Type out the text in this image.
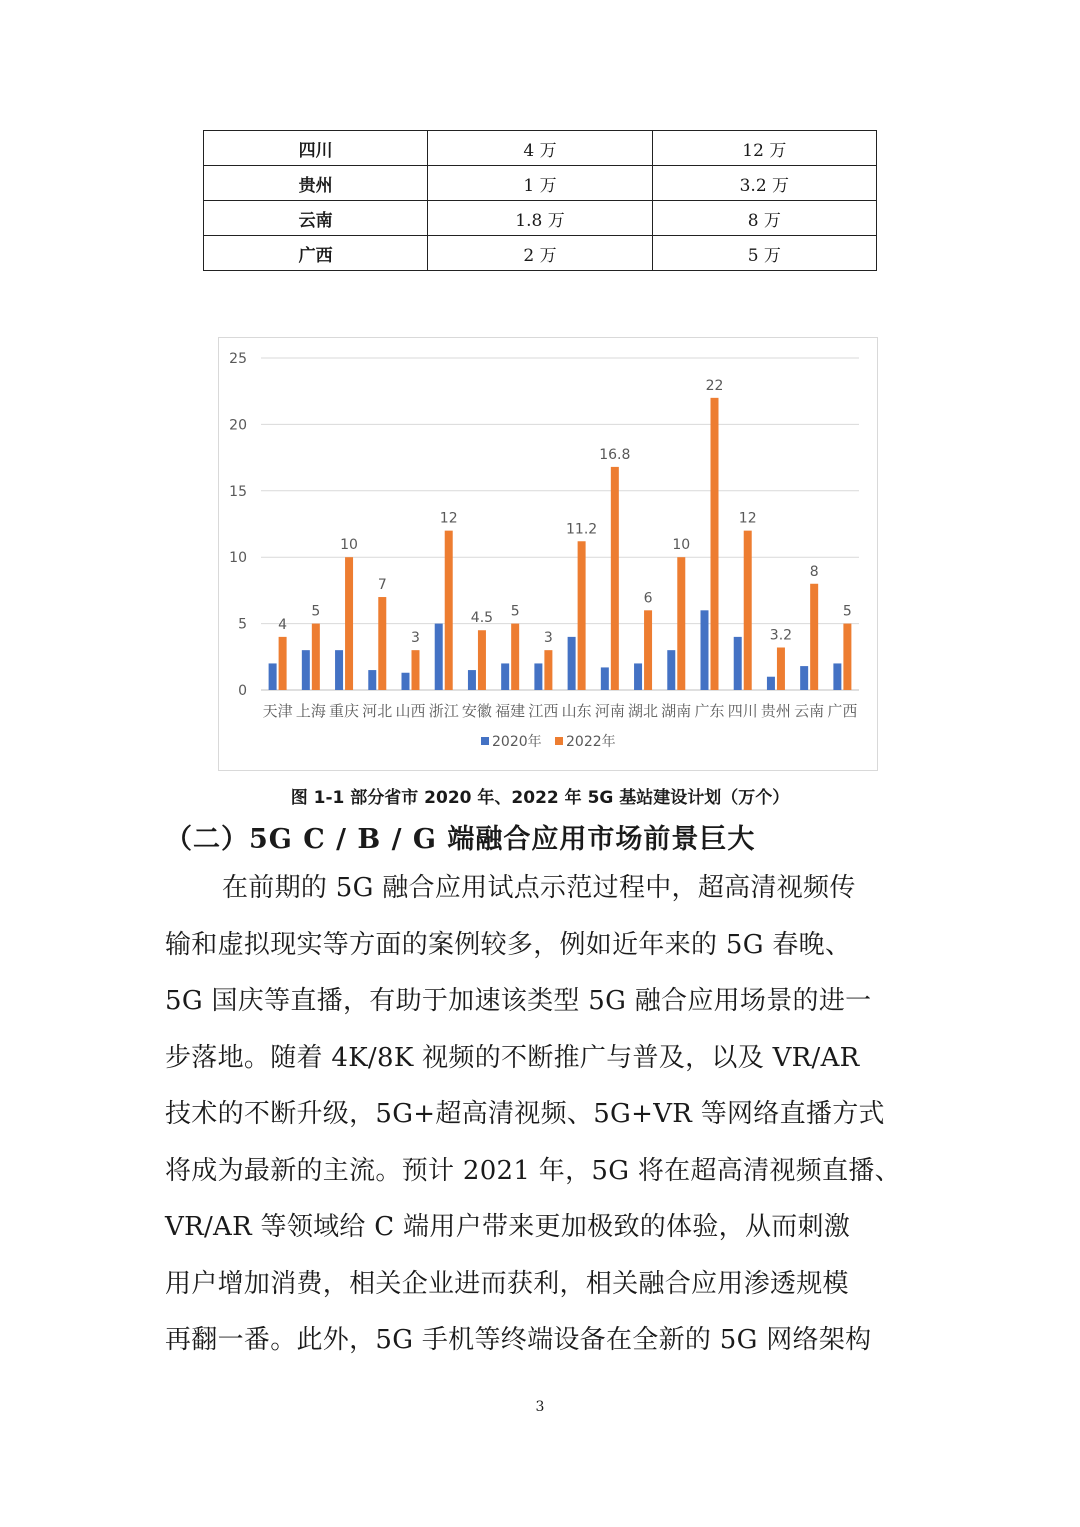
四川	4 万	12 万
贵州	1 万	3.2 万
云南	1.8 万	8 万
广西	2 万	5 万
0
5
10
15
20
25
4
天津
5
上海
10
重庆
7
河北
3
山西
12
浙江
4.5
安徽
5
福建
3
江西
11.2
山东
16.8
河南
6
湖北
10
湖南
22
广东
12
四川
3.2
贵州
8
云南
5
广西
2020年 2022年
图 1-1 部分省市 2020 年、2022 年 5G 基站建设计划（万个）
（二）5G C / B / G 端融合应用市场前景巨大

在前期的 5G 融合应用试点示范过程中，超高清视频传

输和虚拟现实等方面的案例较多，例如近年来的 5G 春晚、

5G 国庆等直播，有助于加速该类型 5G 融合应用场景的进一

步落地。随着 4K/8K 视频的不断推广与普及，以及 VR/AR

技术的不断升级，5G+超高清视频、5G+VR 等网络直播方式

将成为最新的主流。预计 2021 年，5G 将在超高清视频直播、

VR/AR 等领域给 C 端用户带来更加极致的体验，从而刺激

用户增加消费，相关企业进而获利，相关融合应用渗透规模

再翻一番。此外，5G 手机等终端设备在全新的 5G 网络架构

3
